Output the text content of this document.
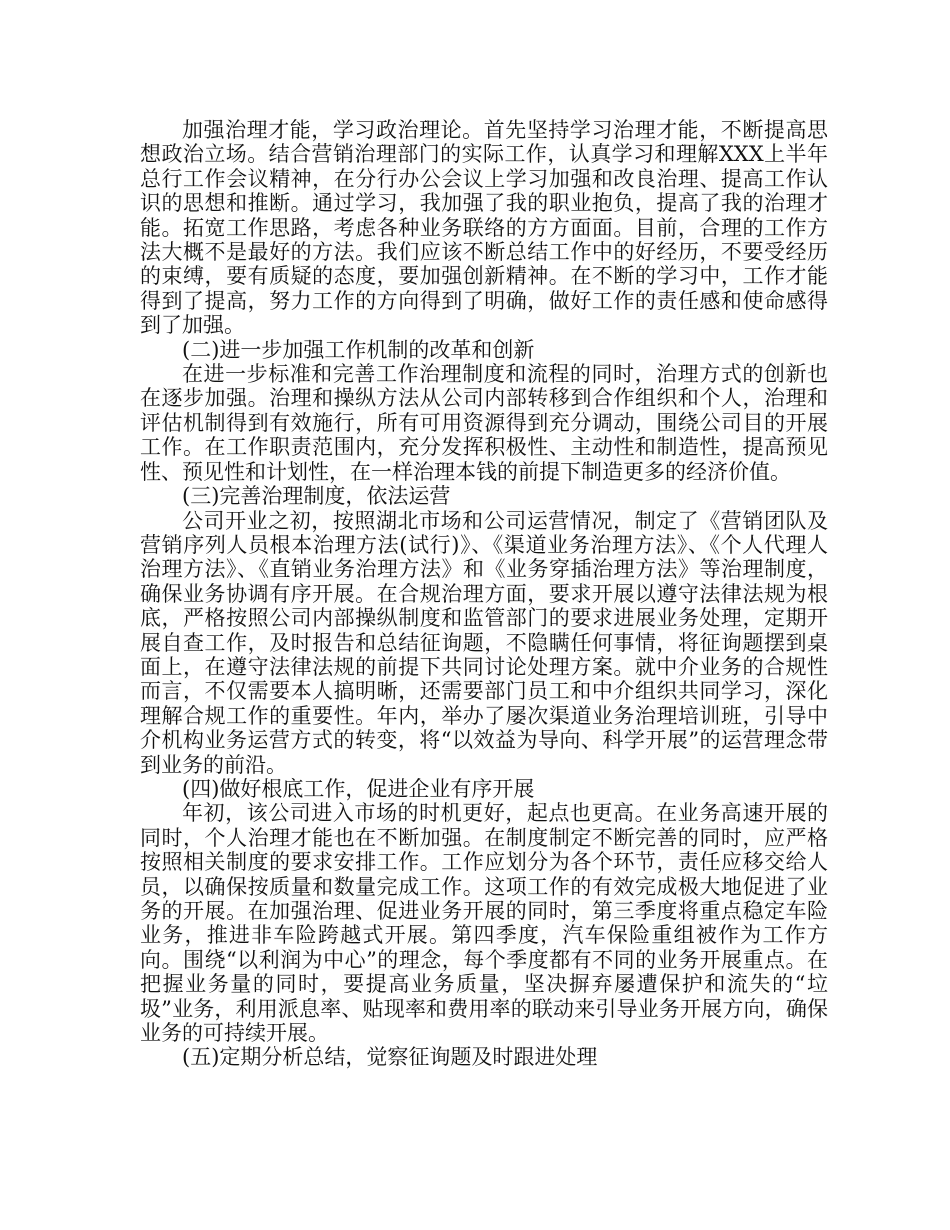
加强治理才能，学习政治理论。首先坚持学习治理才能，不断提高思想政治立场。结合营销治理部门的实际工作，认真学习和理解XXX上半年总行工作会议精神，在分行办公会议上学习加强和改良治理、提高工作认识的思想和推断。通过学习，我加强了我的职业抱负，提高了我的治理才能。拓宽工作思路，考虑各种业务联络的方方面面。目前，合理的工作方法大概不是最好的方法。我们应该不断总结工作中的好经历，不要受经历的束缚，要有质疑的态度，要加强创新精神。在不断的学习中，工作才能得到了提高，努力工作的方向得到了明确，做好工作的责任感和使命感得到了加强。

(二)进一步加强工作机制的改革和创新

在进一步标准和完善工作治理制度和流程的同时，治理方式的创新也在逐步加强。治理和操纵方法从公司内部转移到合作组织和个人，治理和评估机制得到有效施行，所有可用资源得到充分调动，围绕公司目的开展工作。在工作职责范围内，充分发挥积极性、主动性和制造性，提高预见性、预见性和计划性，在一样治理本钱的前提下制造更多的经济价值。

(三)完善治理制度，依法运营

公司开业之初，按照湖北市场和公司运营情况，制定了《营销团队及营销序列人员根本治理方法(试行)》、《渠道业务治理方法》、《个人代理人治理方法》、《直销业务治理方法》和《业务穿插治理方法》等治理制度，确保业务协调有序开展。在合规治理方面，要求开展以遵守法律法规为根底，严格按照公司内部操纵制度和监管部门的要求进展业务处理，定期开展自查工作，及时报告和总结征询题，不隐瞒任何事情，将征询题摆到桌面上，在遵守法律法规的前提下共同讨论处理方案。就中介业务的合规性而言，不仅需要本人搞明晰，还需要部门员工和中介组织共同学习，深化理解合规工作的重要性。年内，举办了屡次渠道业务治理培训班，引导中介机构业务运营方式的转变，将“以效益为导向、科学开展”的运营理念带到业务的前沿。

(四)做好根底工作，促进企业有序开展

年初，该公司进入市场的时机更好，起点也更高。在业务高速开展的同时，个人治理才能也在不断加强。在制度制定不断完善的同时，应严格按照相关制度的要求安排工作。工作应划分为各个环节，责任应移交给人员，以确保按质量和数量完成工作。这项工作的有效完成极大地促进了业务的开展。在加强治理、促进业务开展的同时，第三季度将重点稳定车险业务，推进非车险跨越式开展。第四季度，汽车保险重组被作为工作方向。围绕“以利润为中心”的理念，每个季度都有不同的业务开展重点。在把握业务量的同时，要提高业务质量，坚决摒弃屡遭保护和流失的“垃圾”业务，利用派息率、贴现率和费用率的联动来引导业务开展方向，确保业务的可持续开展。

(五)定期分析总结，觉察征询题及时跟进处理
